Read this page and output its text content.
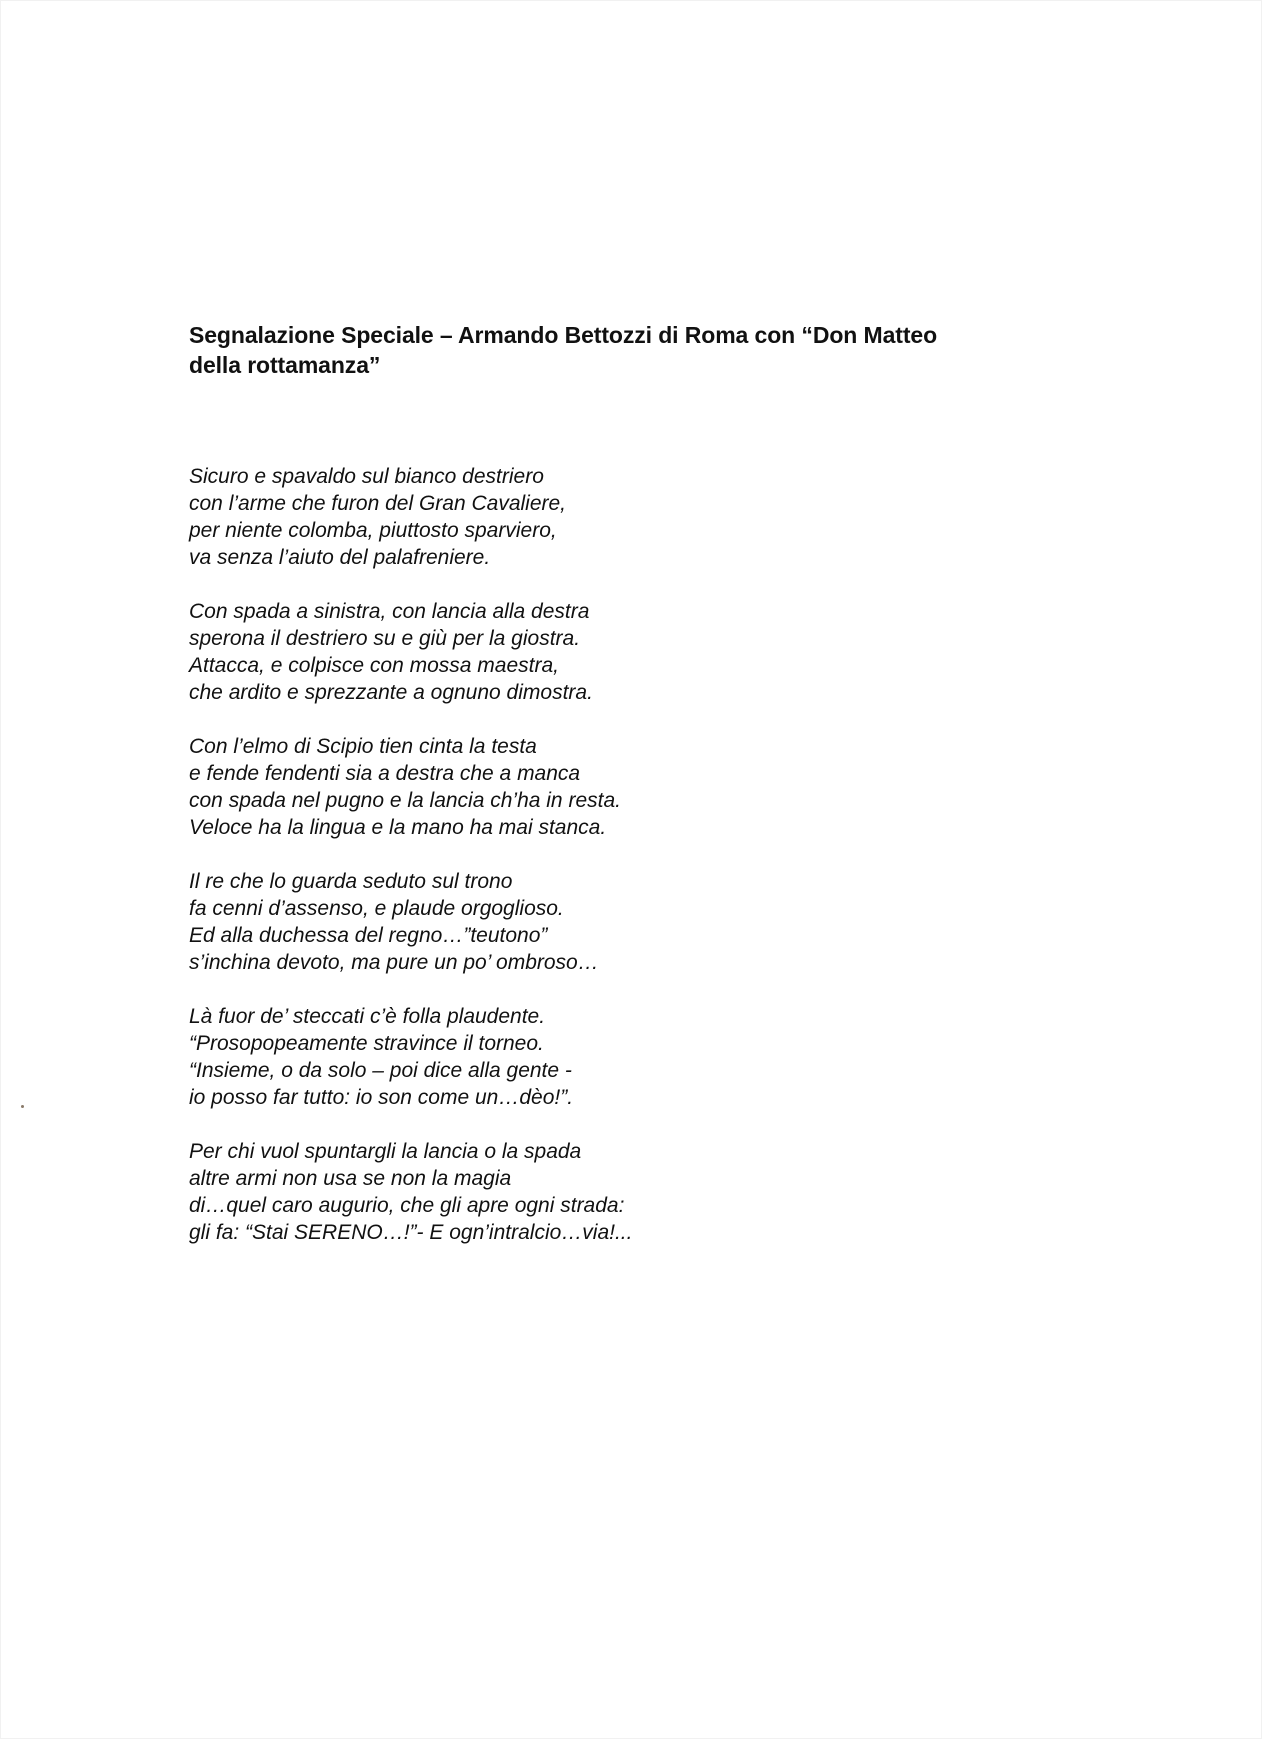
Segnalazione Speciale – Armando Bettozzi di Roma con “Don Matteo
della rottamanza”
Sicuro e spavaldo sul bianco destriero
con l’arme che furon del Gran Cavaliere,
per niente colomba, piuttosto sparviero,
va senza l’aiuto del palafreniere.
Con spada a sinistra, con lancia alla destra
sperona il destriero su e giù per la giostra.
Attacca, e colpisce con mossa maestra,
che ardito e sprezzante a ognuno dimostra.
Con l’elmo di Scipio tien cinta la testa
e fende fendenti sia a destra che a manca
con spada nel pugno e la lancia ch’ha in resta.
Veloce ha la lingua e la mano ha mai stanca.
Il re che lo guarda seduto sul trono
fa cenni d’assenso, e plaude orgoglioso.
Ed alla duchessa del regno…”teutono”
s’inchina devoto, ma pure un po’ ombroso…
Là fuor de’ steccati c’è folla plaudente.
“Prosopopeamente stravince il torneo.
“Insieme, o da solo – poi dice alla gente -
io posso far tutto: io son come un…dèo!”.
Per chi vuol spuntargli la lancia o la spada
altre armi non usa se non la magia
di…quel caro augurio, che gli apre ogni strada:
gli fa: “Stai SERENO…!”- E ogn’intralcio…via!...
